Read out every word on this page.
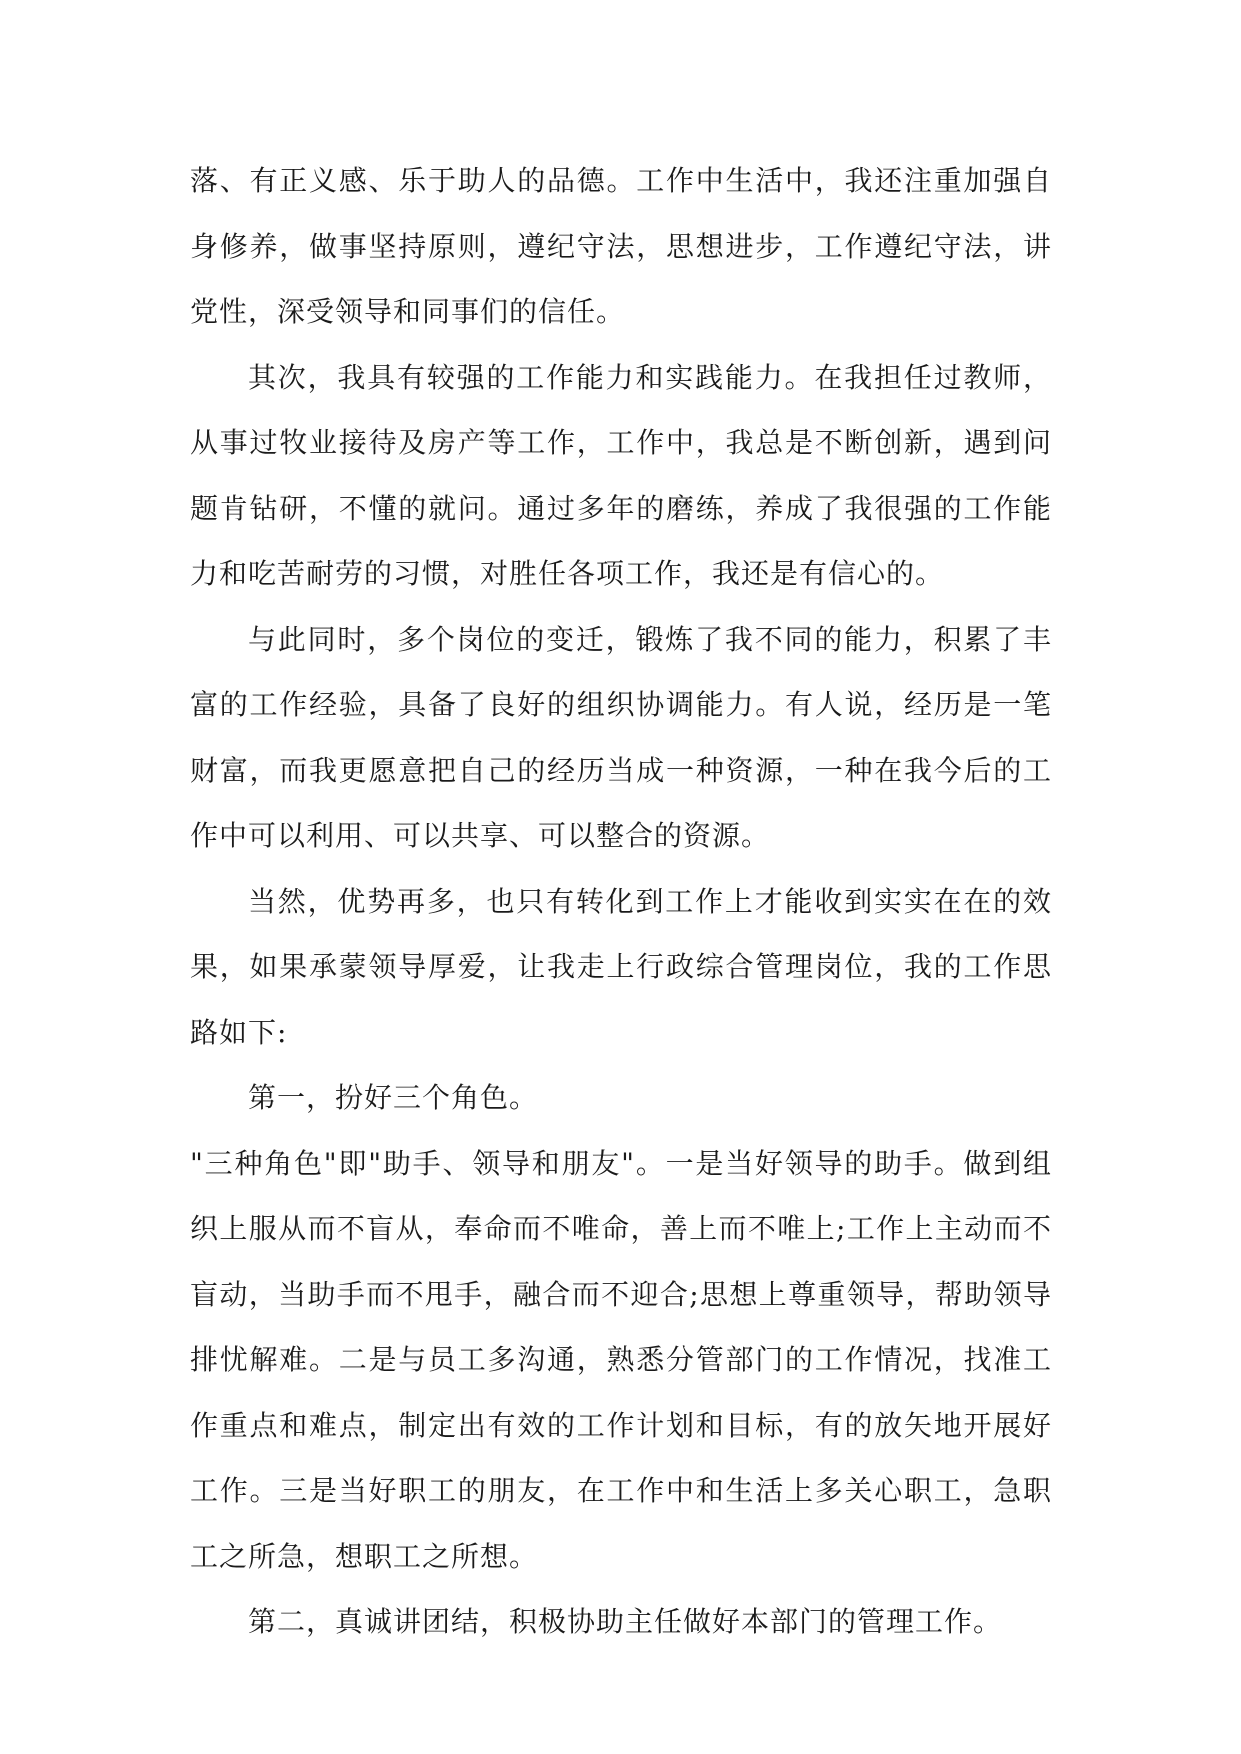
落、有正义感、乐于助人的品德。工作中生活中，我还注重加强自身修养，做事坚持原则，遵纪守法，思想进步，工作遵纪守法，讲党性，深受领导和同事们的信任。

其次，我具有较强的工作能力和实践能力。在我担任过教师，从事过牧业接待及房产等工作，工作中，我总是不断创新，遇到问题肯钻研，不懂的就问。通过多年的磨练，养成了我很强的工作能力和吃苦耐劳的习惯，对胜任各项工作，我还是有信心的。

与此同时，多个岗位的变迁，锻炼了我不同的能力，积累了丰富的工作经验，具备了良好的组织协调能力。有人说，经历是一笔财富，而我更愿意把自己的经历当成一种资源，一种在我今后的工作中可以利用、可以共享、可以整合的资源。

当然，优势再多，也只有转化到工作上才能收到实实在在的效果，如果承蒙领导厚爱，让我走上行政综合管理岗位，我的工作思路如下:

第一，扮好三个角色。

"三种角色"即"助手、领导和朋友"。一是当好领导的助手。做到组织上服从而不盲从，奉命而不唯命，善上而不唯上;工作上主动而不盲动，当助手而不甩手，融合而不迎合;思想上尊重领导，帮助领导排忧解难。二是与员工多沟通，熟悉分管部门的工作情况，找准工作重点和难点，制定出有效的工作计划和目标，有的放矢地开展好工作。三是当好职工的朋友，在工作中和生活上多关心职工，急职工之所急，想职工之所想。

第二，真诚讲团结，积极协助主任做好本部门的管理工作。
